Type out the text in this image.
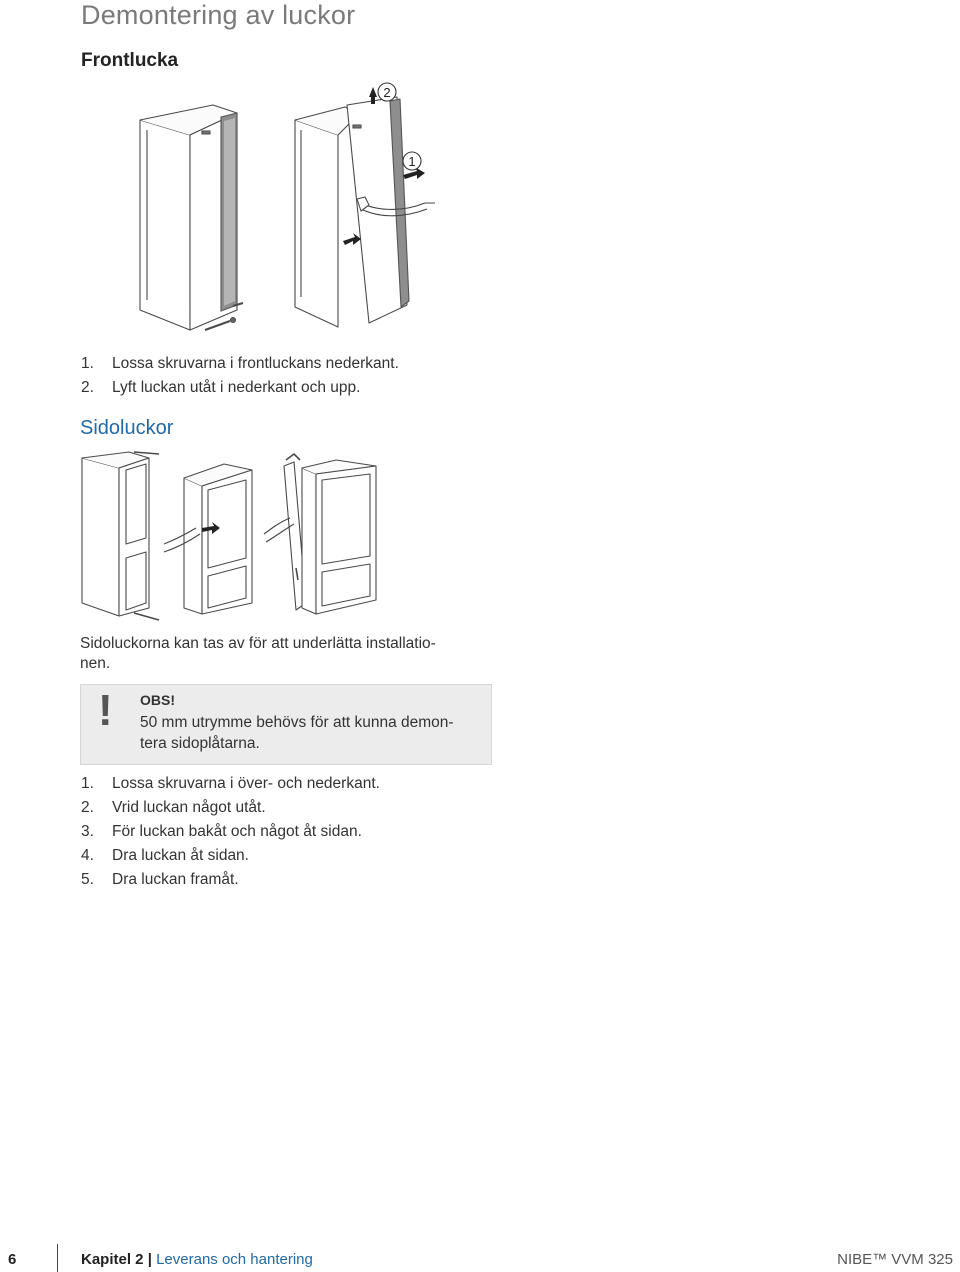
Demontering av luckor
Frontlucka
2
1
1.	Lossa skruvarna i frontluckans nederkant.
2.	Lyft luckan utåt i nederkant och upp.
Sidoluckor
Sidoluckorna kan tas av för att underlätta installatio-
nen.
! OBS!
50 mm utrymme behövs för att kunna demon-
tera sidoplåtarna.
1.	Lossa skruvarna i över- och nederkant.
2.	Vrid luckan något utåt.
3.	För luckan bakåt och något åt sidan.
4.	Dra luckan åt sidan.
5.	Dra luckan framåt.
6	Kapitel 2 | Leverans och hantering	NIBE™ VVM 325
